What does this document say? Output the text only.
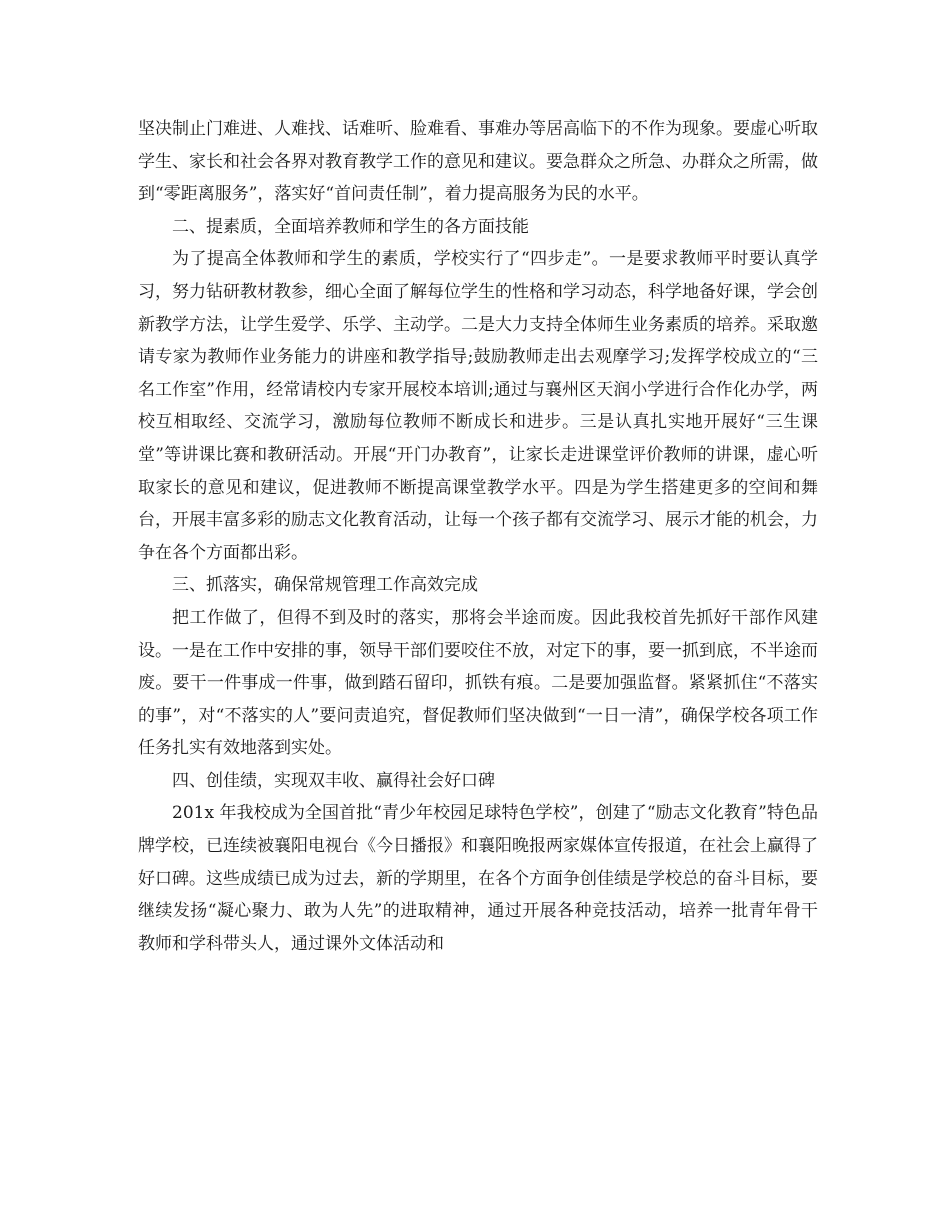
坚决制止门难进、人难找、话难听、脸难看、事难办等居高临下的不作为现象。要虚心听取学生、家长和社会各界对教育教学工作的意见和建议。要急群众之所急、办群众之所需，做到“零距离服务”，落实好“首问责任制”，着力提高服务为民的水平。

二、提素质，全面培养教师和学生的各方面技能

为了提高全体教师和学生的素质，学校实行了“四步走”。一是要求教师平时要认真学习，努力钻研教材教参，细心全面了解每位学生的性格和学习动态，科学地备好课，学会创新教学方法，让学生爱学、乐学、主动学。二是大力支持全体师生业务素质的培养。采取邀请专家为教师作业务能力的讲座和教学指导;鼓励教师走出去观摩学习;发挥学校成立的“三名工作室”作用，经常请校内专家开展校本培训;通过与襄州区天润小学进行合作化办学，两校互相取经、交流学习，激励每位教师不断成长和进步。三是认真扎实地开展好“三生课堂”等讲课比赛和教研活动。开展“开门办教育”，让家长走进课堂评价教师的讲课，虚心听取家长的意见和建议，促进教师不断提高课堂教学水平。四是为学生搭建更多的空间和舞台，开展丰富多彩的励志文化教育活动，让每一个孩子都有交流学习、展示才能的机会，力争在各个方面都出彩。

三、抓落实，确保常规管理工作高效完成

把工作做了，但得不到及时的落实，那将会半途而废。因此我校首先抓好干部作风建设。一是在工作中安排的事，领导干部们要咬住不放，对定下的事，要一抓到底，不半途而废。要干一件事成一件事，做到踏石留印，抓铁有痕。二是要加强监督。紧紧抓住“不落实的事”，对“不落实的人”要问责追究，督促教师们坚决做到“一日一清”，确保学校各项工作任务扎实有效地落到实处。

四、创佳绩，实现双丰收、赢得社会好口碑

201x 年我校成为全国首批“青少年校园足球特色学校”，创建了“励志文化教育”特色品牌学校，已连续被襄阳电视台《今日播报》和襄阳晚报两家媒体宣传报道，在社会上赢得了好口碑。这些成绩已成为过去，新的学期里，在各个方面争创佳绩是学校总的奋斗目标，要继续发扬“凝心聚力、敢为人先”的进取精神，通过开展各种竞技活动，培养一批青年骨干教师和学科带头人，通过课外文体活动和
